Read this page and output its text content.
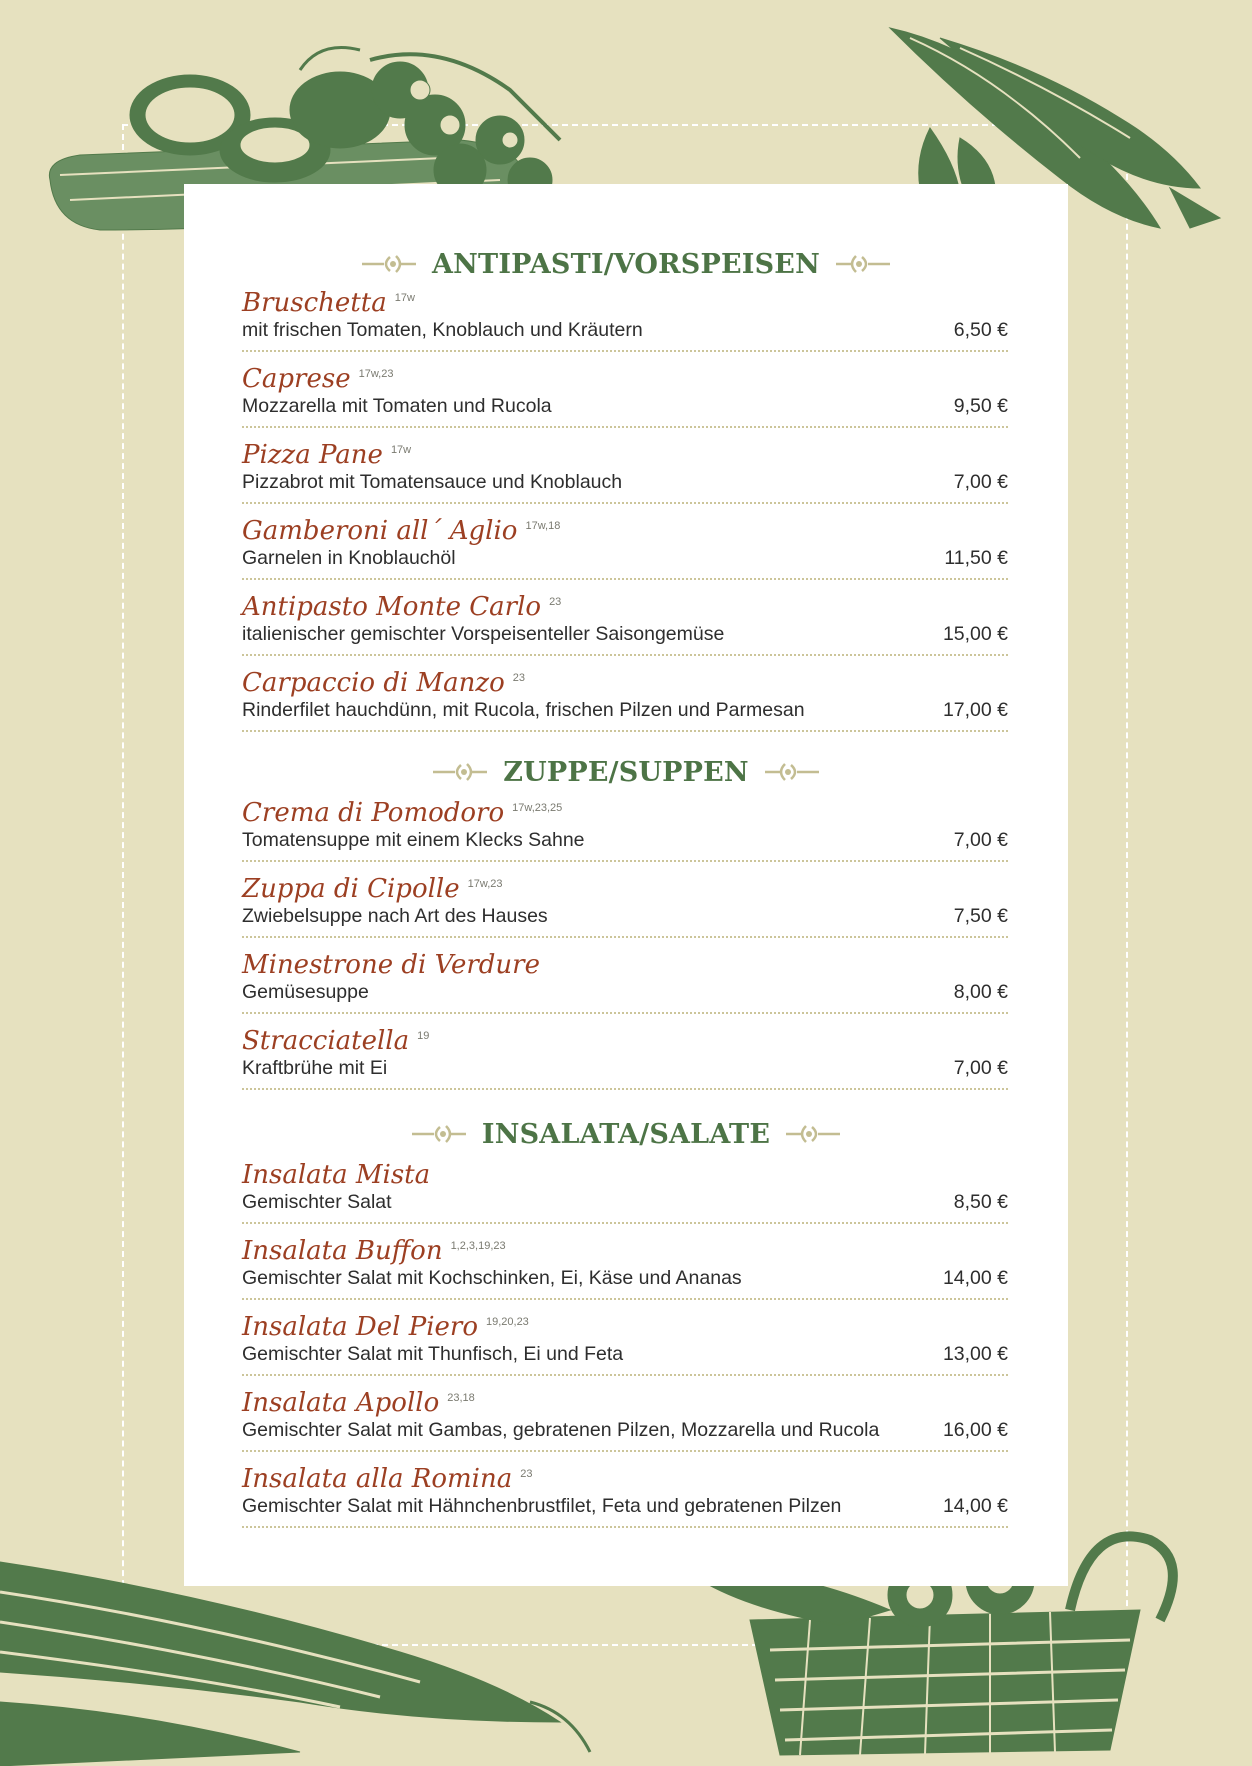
ANTIPASTI/VORSPEISEN
Bruschetta 17w
mit frischen Tomaten, Knoblauch und Kräutern	6,50 €
Caprese 17w,23
Mozzarella mit Tomaten und Rucola	9,50 €
Pizza Pane 17w
Pizzabrot mit Tomatensauce und Knoblauch	7,00 €
Gamberoni all´ Aglio 17w,18
Garnelen in Knoblauchöl	11,50 €
Antipasto Monte Carlo 23
italienischer gemischter Vorspeisenteller Saisongemüse	15,00 €
Carpaccio di Manzo 23
Rinderfilet hauchdünn, mit Rucola, frischen Pilzen und Parmesan	17,00 €
ZUPPE/SUPPEN
Crema di Pomodoro 17w,23,25
Tomatensuppe mit einem Klecks Sahne	7,00 €
Zuppa di Cipolle 17w,23
Zwiebelsuppe nach Art des Hauses	7,50 €
Minestrone di Verdure
Gemüsesuppe	8,00 €
Stracciatella 19
Kraftbrühe mit Ei	7,00 €
INSALATA/SALATE
Insalata Mista
Gemischter Salat	8,50 €
Insalata Buffon 1,2,3,19,23
Gemischter Salat mit Kochschinken, Ei, Käse und Ananas	14,00 €
Insalata Del Piero 19,20,23
Gemischter Salat mit Thunfisch, Ei und Feta	13,00 €
Insalata Apollo 23,18
Gemischter Salat mit Gambas, gebratenen Pilzen, Mozzarella und Rucola	16,00 €
Insalata alla Romina 23
Gemischter Salat mit Hähnchenbrustfilet, Feta und gebratenen Pilzen	14,00 €
